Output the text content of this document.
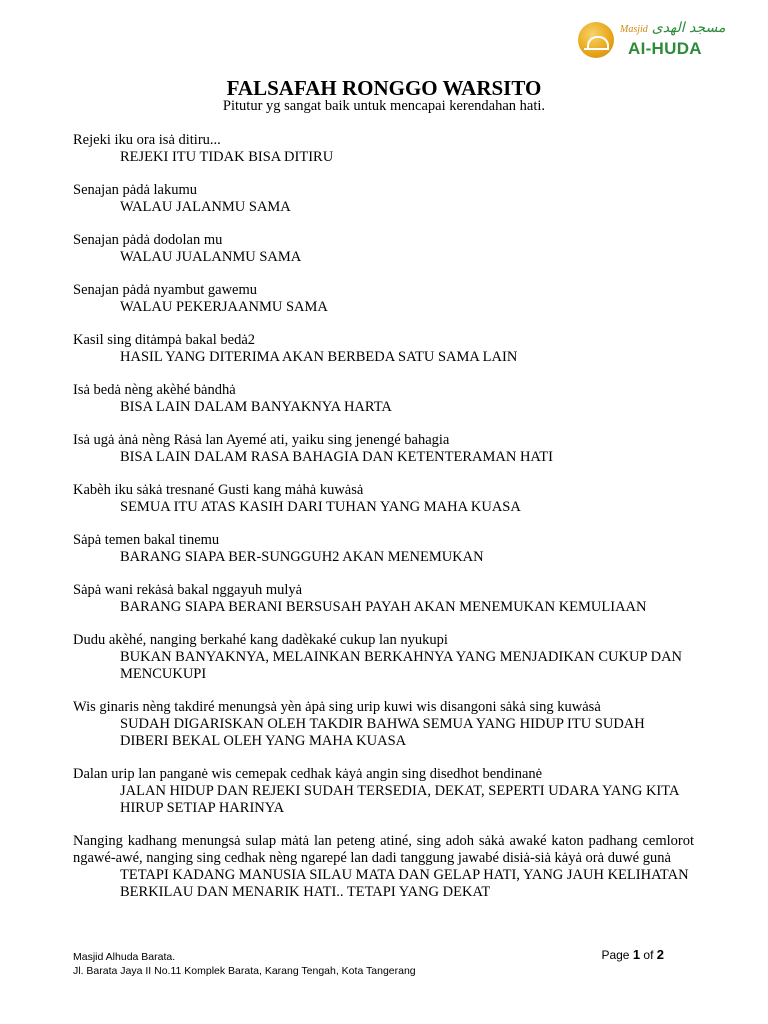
Masjid مسجد الهدى
AI-HUDA
FALSAFAH RONGGO WARSITO

Pitutur yg sangat baik untuk mencapai kerendahan hati.

Rejeki iku ora isȧ ditiru...
REJEKI ITU TIDAK BISA DITIRU
Senajan pȧdȧ lakumu
WALAU JALANMU SAMA
Senajan pȧdȧ dodolan mu
WALAU JUALANMU SAMA
Senajan pȧdȧ nyambut gawemu
WALAU PEKERJAANMU SAMA
Kasil sing ditȧmpȧ bakal bedȧ2
HASIL YANG DITERIMA AKAN BERBEDA SATU SAMA LAIN
Isȧ bedȧ nèng akèhé bȧndhȧ
BISA LAIN DALAM BANYAKNYA HARTA
Isȧ ugȧ ȧnȧ nèng Rȧsȧ lan Ayemé ati, yaiku sing jenengé bahagia
BISA LAIN DALAM RASA BAHAGIA DAN KETENTERAMAN HATI
Kabèh iku sȧkȧ tresnané Gusti kang mȧhȧ kuwȧsȧ
SEMUA ITU ATAS KASIH DARI TUHAN YANG MAHA KUASA
Sȧpȧ temen bakal tinemu
BARANG SIAPA BER-SUNGGUH2 AKAN MENEMUKAN
Sȧpȧ wani rekȧsȧ bakal nggayuh mulyȧ
BARANG SIAPA BERANI BERSUSAH PAYAH AKAN MENEMUKAN KEMULIAAN
Dudu akèhé, nanging berkahé kang dadèkaké cukup lan nyukupi
BUKAN BANYAKNYA, MELAINKAN BERKAHNYA YANG MENJADIKAN CUKUP DAN MENCUKUPI
Wis ginaris nèng takdiré menungsȧ yèn ȧpȧ sing urip kuwi wis disangoni sȧkȧ sing kuwȧsȧ
SUDAH DIGARISKAN OLEH TAKDIR BAHWA SEMUA YANG HIDUP ITU SUDAH DIBERI BEKAL OLEH YANG MAHA KUASA
Dalan urip lan panganė wis cemepak cedhak kȧyȧ angin sing disedhot bendinanė
JALAN HIDUP DAN REJEKI SUDAH TERSEDIA, DEKAT, SEPERTI UDARA YANG KITA HIRUP SETIAP HARINYA
Nanging kadhang menungsȧ sulap mȧtȧ lan peteng atiné, sing adoh sȧkȧ awaké katon padhang cemlorot ngawé-awé, nanging sing cedhak nèng ngarepé lan dadi tanggung jawabé disiȧ-siȧ kȧyȧ orȧ duwé gunȧ
TETAPI KADANG MANUSIA SILAU MATA DAN GELAP HATI, YANG JAUH KELIHATAN BERKILAU DAN MENARIK HATI.. TETAPI YANG DEKAT
Masjid Alhuda Barata.
Jl. Barata Jaya II No.11 Komplek Barata, Karang Tengah, Kota Tangerang
Page 1 of 2
